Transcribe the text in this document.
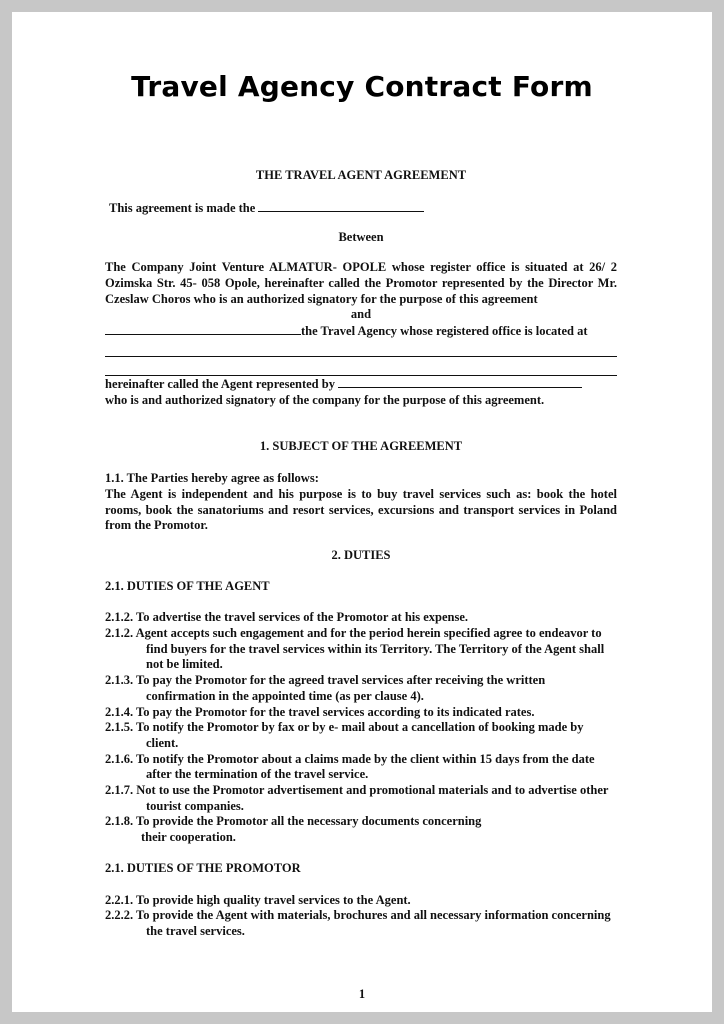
Travel Agency Contract Form
THE TRAVEL AGENT AGREEMENT
This agreement is made the
Between
The Company Joint Venture ALMATUR- OPOLE whose register office is situated at 26/ 2 Ozimska Str. 45- 058 Opole, hereinafter called the Promotor represented by the Director Mr. Czeslaw Choros who is an authorized signatory for the purpose of this agreement
and
the Travel Agency whose registered office is located at
hereinafter called the Agent represented by
who is and authorized signatory of the company for the purpose of this agreement.
1. SUBJECT OF THE AGREEMENT
1.1. The Parties hereby agree as follows:
The Agent is independent and his purpose is to buy travel services such as: book the hotel rooms, book the sanatoriums and resort services, excursions and transport services in Poland from the Promotor.
2. DUTIES
2.1. DUTIES OF THE AGENT
2.1.2. To advertise the travel services of the Promotor at his expense.
2.1.2. Agent accepts such engagement and for the period herein specified agree to endeavor to find buyers for the travel services within its Territory. The Territory of the Agent shall not be limited.
2.1.3. To pay the Promotor for the agreed travel services after receiving the written confirmation in the appointed time (as per clause 4).
2.1.4. To pay the Promotor for the travel services according to its indicated rates.
2.1.5. To notify the Promotor by fax or by e- mail about a cancellation of booking made by client.
2.1.6. To notify the Promotor about a claims made by the client within 15 days from the date after the termination of the travel service.
2.1.7. Not to use the Promotor advertisement and promotional materials and to advertise other tourist companies.
2.1.8. To provide the Promotor all the necessary documents concerning their cooperation.
2.1. DUTIES OF THE PROMOTOR
2.2.1. To provide high quality travel services to the Agent.
2.2.2. To provide the Agent with materials, brochures and all necessary information concerning the travel services.
1
